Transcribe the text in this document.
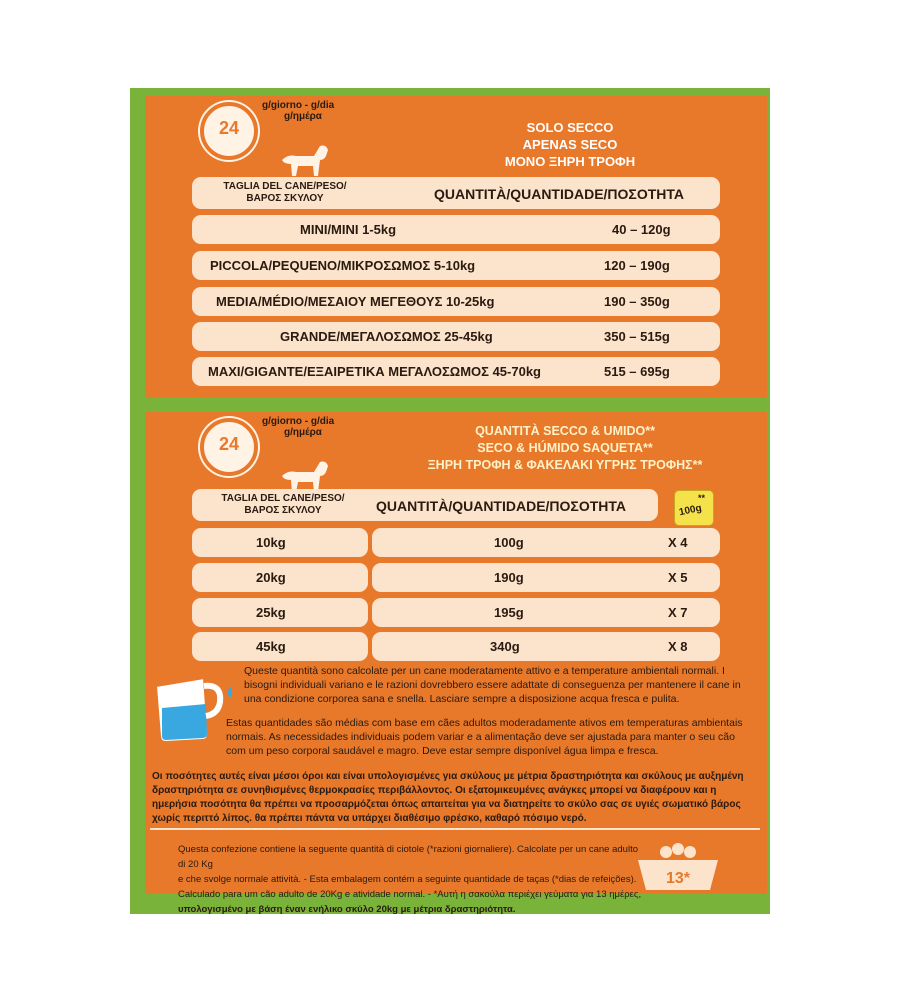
24
g/giorno - g/dia
g/ημέρα
SOLO SECCO
APENAS SECO
ΜΟΝΟ ΞΗΡΗ ΤΡΟΦΗ
TAGLIA DEL CANE/PESO/
ΒΑΡΟΣ ΣΚΥΛΟΥ	QUANTITÀ/QUANTIDADE/ΠΟΣΟΤΗΤΑ
MINI/MINI 1-5kg	40 – 120g
PICCOLA/PEQUENO/ΜΙΚΡΟΣΩΜΟΣ 5-10kg	120 – 190g
MEDIA/MÉDIO/ΜΕΣΑΙΟΥ ΜΕΓΕΘΟΥΣ 10-25kg	190 – 350g
GRANDE/ΜΕΓΑΛΟΣΩΜΟΣ 25-45kg	350 – 515g
MAXI/GIGANTE/ΕΞΑΙΡΕΤΙΚΑ ΜΕΓΑΛΟΣΩΜΟΣ 45-70kg	515 – 695g
24
g/giorno - g/dia
g/ημέρα	QUANTITÀ SECCO & UMIDO**
SECO & HÚMIDO SAQUETA**
ΞΗΡΗ ΤΡΟΦΗ & ΦΑΚΕΛΑΚΙ ΥΓΡΗΣ ΤΡΟΦΗΣ**
TAGLIA DEL CANE/PESO/
ΒΑΡΟΣ ΣΚΥΛΟΥ	QUANTITÀ/QUANTIDADE/ΠΟΣΟΤΗΤΑ	**
100g
10kg	100g	X 4
20kg	190g	X 5
25kg	195g	X 7
45kg	340g	X 8
Queste quantità sono calcolate per un cane moderatamente attivo e a temperature ambientali normali. I bisogni individuali variano e le razioni dovrebbero essere adattate di conseguenza per mantenere il cane in una condizione corporea sana e snella. Lasciare sempre a disposizione acqua fresca e pulita.
Estas quantidades são médias com base em cães adultos moderadamente ativos em temperaturas ambientais normais. As necessidades individuais podem variar e a alimentação deve ser ajustada para manter o seu cão com um peso corporal saudável e magro. Deve estar sempre disponível água limpa e fresca.
Οι ποσότητες αυτές είναι μέσοι όροι και είναι υπολογισμένες για σκύλους με μέτρια δραστηριότητα και σκύλους με αυξημένη δραστηριότητα σε συνηθισμένες θερμοκρασίες περιβάλλοντος. Οι εξατομικευμένες ανάγκες μπορεί να διαφέρουν και η ημερήσια ποσότητα θα πρέπει να προσαρμόζεται όπως απαιτείται για να διατηρείτε το σκύλο σας σε υγιές σωματικό βάρος χωρίς περιττό λίπος. θα πρέπει πάντα να υπάρχει διαθέσιμο φρέσκο, καθαρό πόσιμο νερό.
Questa confezione contiene la seguente quantità di ciotole (*razioni giornaliere). Calcolate per un cane adulto di 20 Kg
e che svolge normale attività. - Esta embalagem contém a seguinte quantidade de taças (*dias de refeições).
Calculado para um cão adulto de 20Kg e atividade normal. - *Αυτή η σακούλα περιέχει γεύματα για 13 ημέρες,
υπολογισμένο με βάση έναν ενήλικο σκύλο 20kg με μέτρια δραστηριότητα.
13*
